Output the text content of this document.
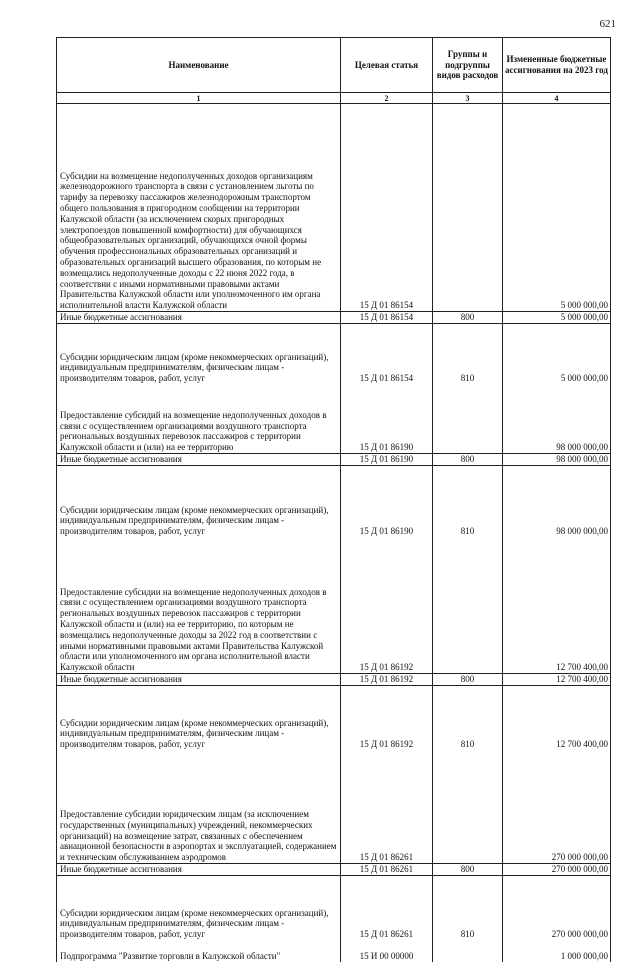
621
Наименование	Целевая статья	Группы и подгруппы видов расходов	Измененные бюджетные ассигнования на 2023 год
1	2	3	4

Субсидии на возмещение недополученных доходов организациям железнодорожного транспорта в связи с установлением льготы по тарифу за перевозку пассажиров железнодорожным транспортом общего пользования в пригородном сообщении на территории Калужской области (за исключением скорых пригородных электропоездов повышенной комфортности) для обучающихся общеобразовательных организаций, обучающихся очной формы обучения профессиональных образовательных организаций и образовательных организаций высшего образования, по которым не возмещались недополученные доходы с 22 июня 2022 года, в соответствии с иными нормативными правовыми актами Правительства Калужской области или уполномоченного им органа исполнительной власти Калужской области	15 Д 01 86154		5 000 000,00

Иные бюджетные ассигнования	15 Д 01 86154	800	5 000 000,00

Субсидии юридическим лицам (кроме некоммерческих организаций), индивидуальным предпринимателям, физическим лицам - производителям товаров, работ, услуг	15 Д 01 86154	810	5 000 000,00

Предоставление субсидий на возмещение недополученных доходов в связи с осуществлением организациями воздушного транспорта региональных воздушных перевозок пассажиров с территории Калужской области и (или) на ее территорию	15 Д 01 86190		98 000 000,00

Иные бюджетные ассигнования	15 Д 01 86190	800	98 000 000,00

Субсидии юридическим лицам (кроме некоммерческих организаций), индивидуальным предпринимателям, физическим лицам - производителям товаров, работ, услуг	15 Д 01 86190	810	98 000 000,00

Предоставление субсидии на возмещение недополученных доходов в связи с осуществлением организациями воздушного транспорта региональных воздушных перевозок пассажиров с территории Калужской области и (или) на ее территорию, по которым не возмещались недополученные доходы за 2022 год в соответствии с иными нормативными правовыми актами Правительства Калужской области или уполномоченного им органа исполнительной власти Калужской области	15 Д 01 86192		12 700 400,00

Иные бюджетные ассигнования	15 Д 01 86192	800	12 700 400,00

Субсидии юридическим лицам (кроме некоммерческих организаций), индивидуальным предпринимателям, физическим лицам - производителям товаров, работ, услуг	15 Д 01 86192	810	12 700 400,00

Предоставление субсидии юридическим лицам (за исключением государственных (муниципальных) учреждений, некоммерческих организаций) на возмещение затрат, связанных с обеспечением авиационной безопасности в аэропортах и эксплуатацией, содержанием и техническим обслуживанием аэродромов	15 Д 01 86261		270 000 000,00

Иные бюджетные ассигнования	15 Д 01 86261	800	270 000 000,00

Субсидии юридическим лицам (кроме некоммерческих организаций), индивидуальным предпринимателям, физическим лицам - производителям товаров, работ, услуг	15 Д 01 86261	810	270 000 000,00

Подпрограмма "Развитие торговли в Калужской области"	15 И 00 00000		1 000 000,00
